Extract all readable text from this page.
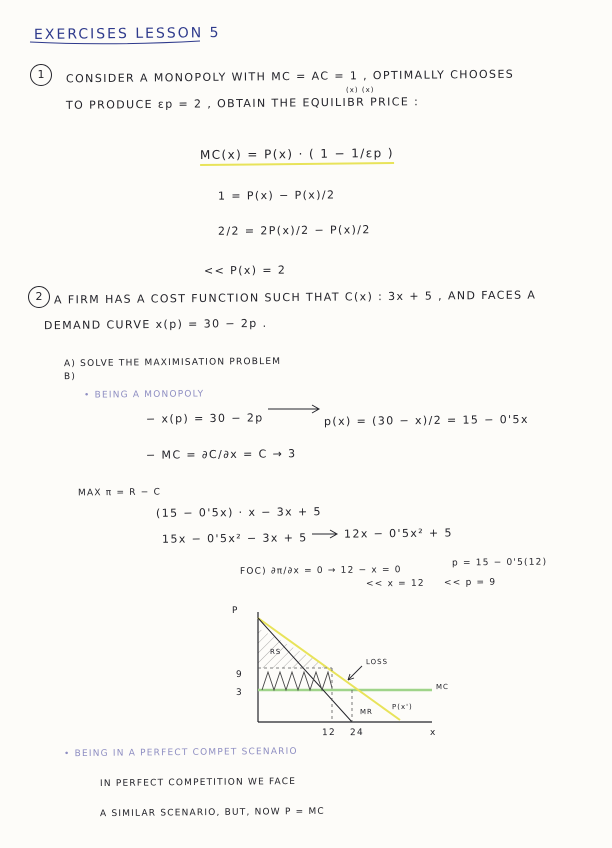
EXERCISES LESSON 5
1	CONSIDER A MONOPOLY WITH MC = AC = 1 , OPTIMALLY CHOOSES
(x) (x)
TO PRODUCE εp = 2 , OBTAIN THE EQUILIBR PRICE :
MC(x) = P(x) · ( 1 − 1/εp )
1 = P(x) − P(x)/2
2/2 = 2P(x)/2 − P(x)/2
<< P(x) = 2
2	A FIRM HAS A COST FUNCTION SUCH THAT C(x) : 3x + 5 , AND FACES A
DEMAND CURVE x(p) = 30 − 2p .
A) SOLVE THE MAXIMISATION PROBLEM
B)
• BEING A MONOPOLY
− x(p) = 30 − 2p	p(x) = (30 − x)/2 = 15 − 0'5x
− MC = ∂C/∂x = C → 3
MAX π = R − C
(15 − 0'5x) · x − 3x + 5
15x − 0'5x² − 3x + 5	12x − 0'5x² + 5
FOC) ∂π/∂x = 0 → 12 − x = 0
<< x = 12
p = 15 − 0'5(12)
<< p = 9
P
x
9
3
12 24
RS
MC
MR
P(x')
LOSS
• BEING IN A PERFECT COMPET SCENARIO
IN PERFECT COMPETITION WE FACE
A SIMILAR SCENARIO, BUT, NOW P = MC
